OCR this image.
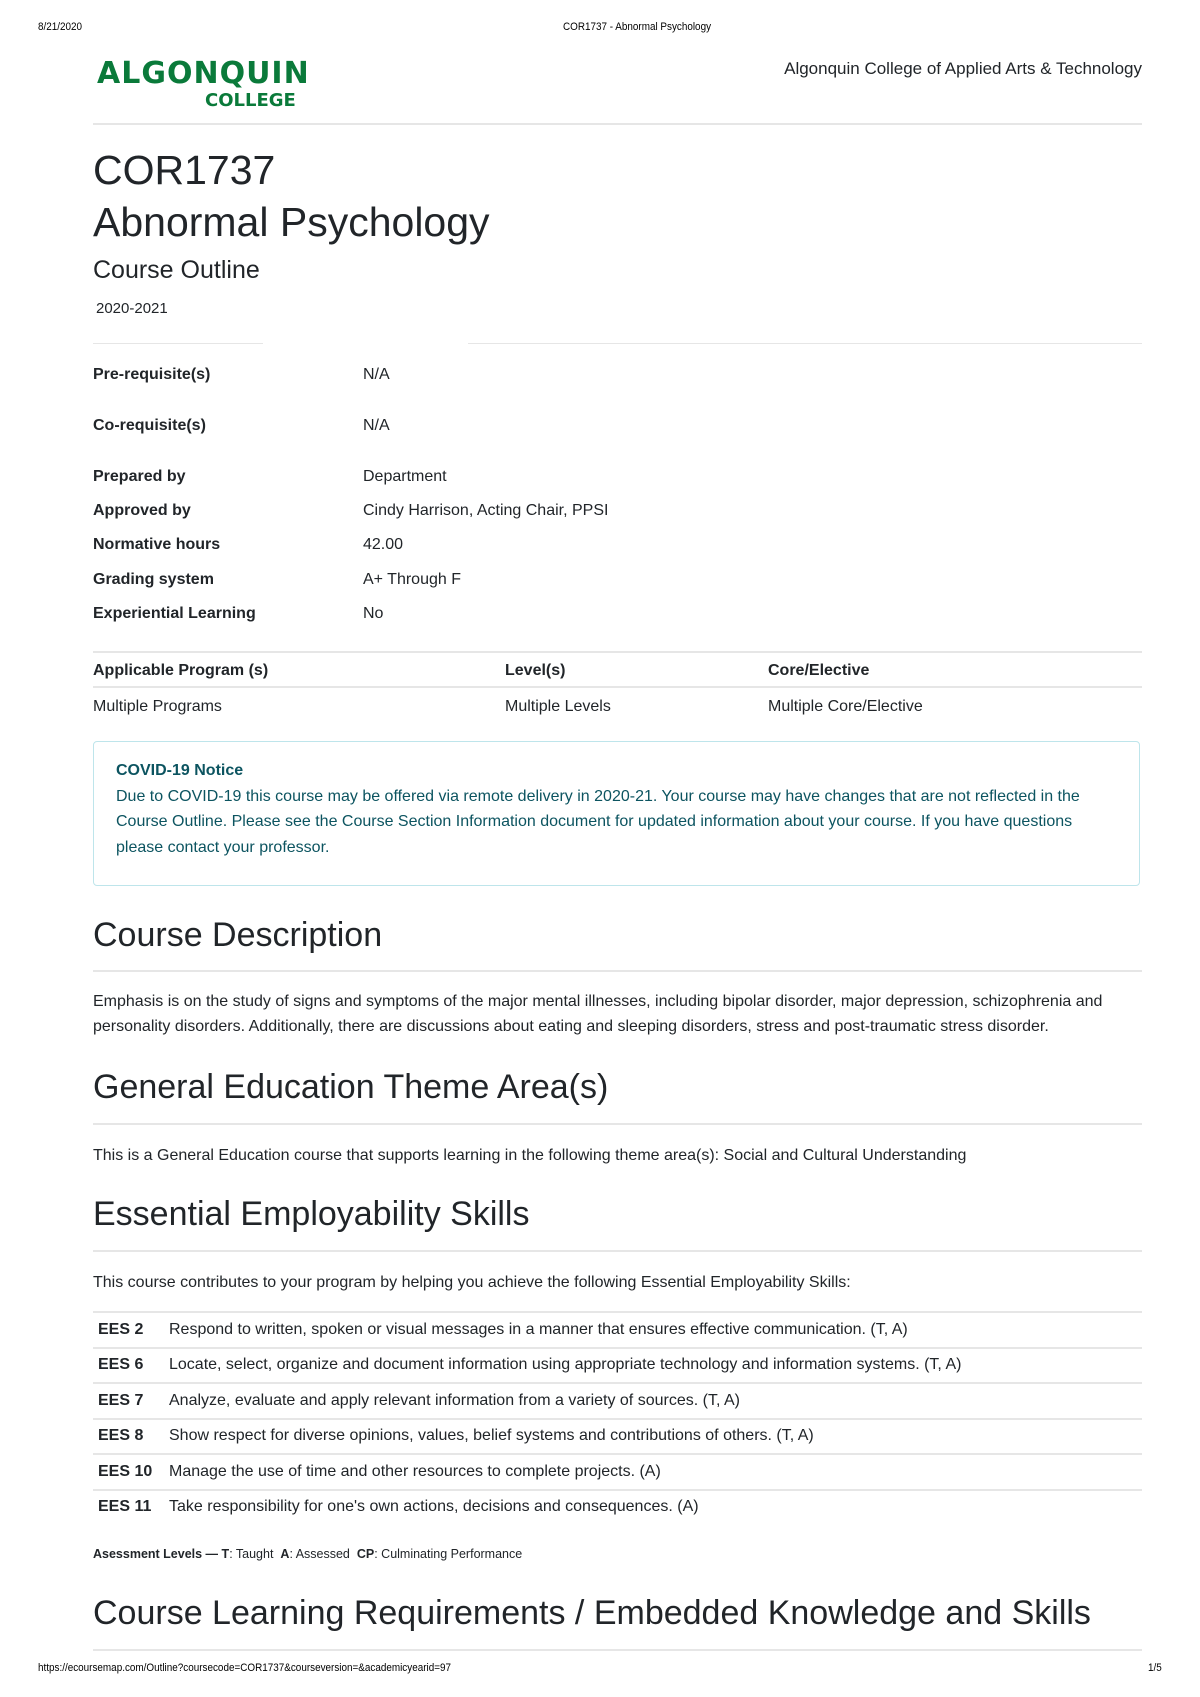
8/21/2020	COR1737 - Abnormal Psychology
ALGONQUIN
COLLEGE
Algonquin College of Applied Arts & Technology
COR1737
Abnormal Psychology
Course Outline
2020-2021
Pre-requisite(s)	N/A
Co-requisite(s)	N/A
Prepared by	Department
Approved by	Cindy Harrison, Acting Chair, PPSI
Normative hours	42.00
Grading system	A+ Through F
Experiential Learning	No
Applicable Program (s)	Level(s)	Core/Elective
Multiple Programs	Multiple Levels	Multiple Core/Elective
COVID-19 Notice
Due to COVID-19 this course may be offered via remote delivery in 2020-21. Your course may have changes that are not reflected in the Course Outline. Please see the Course Section Information document for updated information about your course. If you have questions please contact your professor.
Course Description
Emphasis is on the study of signs and symptoms of the major mental illnesses, including bipolar disorder, major depression, schizophrenia and personality disorders. Additionally, there are discussions about eating and sleeping disorders, stress and post-traumatic stress disorder.
General Education Theme Area(s)
This is a General Education course that supports learning in the following theme area(s): Social and Cultural Understanding
Essential Employability Skills
This course contributes to your program by helping you achieve the following Essential Employability Skills:
EES 2	Respond to written, spoken or visual messages in a manner that ensures effective communication. (T, A)
EES 6	Locate, select, organize and document information using appropriate technology and information systems. (T, A)
EES 7	Analyze, evaluate and apply relevant information from a variety of sources. (T, A)
EES 8	Show respect for diverse opinions, values, belief systems and contributions of others. (T, A)
EES 10	Manage the use of time and other resources to complete projects. (A)
EES 11	Take responsibility for one's own actions, decisions and consequences. (A)
Asessment Levels — T: Taught A: Assessed CP: Culminating Performance
Course Learning Requirements / Embedded Knowledge and Skills
https://ecoursemap.com/Outline?coursecode=COR1737&courseversion=&academicyearid=97	1/5
